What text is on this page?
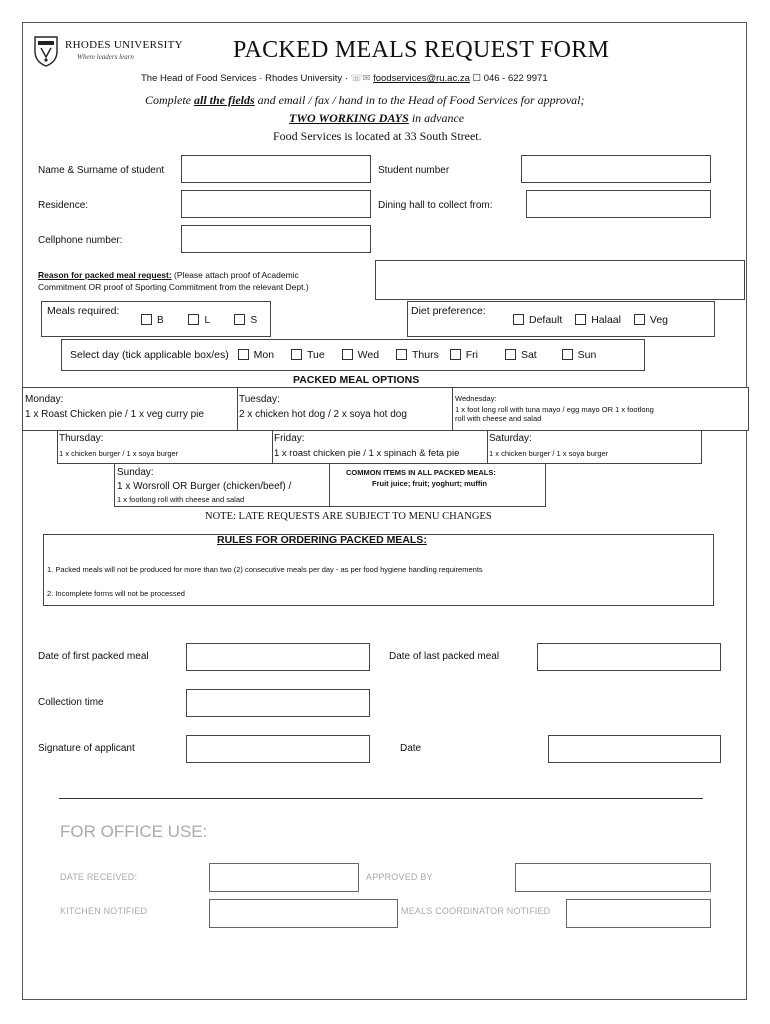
RHODES UNIVERSITY
Where leaders learn	PACKED MEALS REQUEST FORM
The Head of Food Services · Rhodes University · ☏✉ foodservices@ru.ac.za ☐ 046 - 622 9971
Complete all the fields and email / fax / hand in to the Head of Food Services for approval;
TWO WORKING DAYS in advance
Food Services is located at 33 South Street.
Name & Surname of student	Student number
Residence:	Dining hall to collect from:
Cellphone number:
Reason for packed meal request: (Please attach proof of Academic
Commitment OR proof of Sporting Commitment from the relevant Dept.)
Meals required:
B	L	S
Diet preference:
Default	Halaal	Veg
Select day (tick applicable box/es) Mon	Tue	Wed	Thurs	Fri	Sat	Sun
PACKED MEAL OPTIONS
Monday:
1 x Roast Chicken pie / 1 x veg curry pie
Tuesday:
2 x chicken hot dog / 2 x soya hot dog
Wednesday:
1 x foot long roll with tuna mayo / egg mayo OR 1 x footlong
roll with cheese and salad
Thursday:
1 x chicken burger / 1 x soya burger
Friday:
1 x roast chicken pie / 1 x spinach & feta pie
Saturday:
1 x chicken burger / 1 x soya burger
Sunday:
1 x Worsroll OR Burger (chicken/beef) /
1 x footlong roll with cheese and salad
COMMON ITEMS IN ALL PACKED MEALS:
Fruit juice; fruit; yoghurt; muffin
NOTE: LATE REQUESTS ARE SUBJECT TO MENU CHANGES
RULES FOR ORDERING PACKED MEALS:
1. Packed meals will not be produced for more than two (2) consecutive meals per day - as per food hygiene handling requirements
2. Incomplete forms will not be processed
Date of first packed meal	Date of last packed meal
Collection time
Signature of applicant	Date
FOR OFFICE USE:
DATE RECEIVED:	APPROVED BY
KITCHEN NOTIFIED	MEALS COORDINATOR NOTIFIED
